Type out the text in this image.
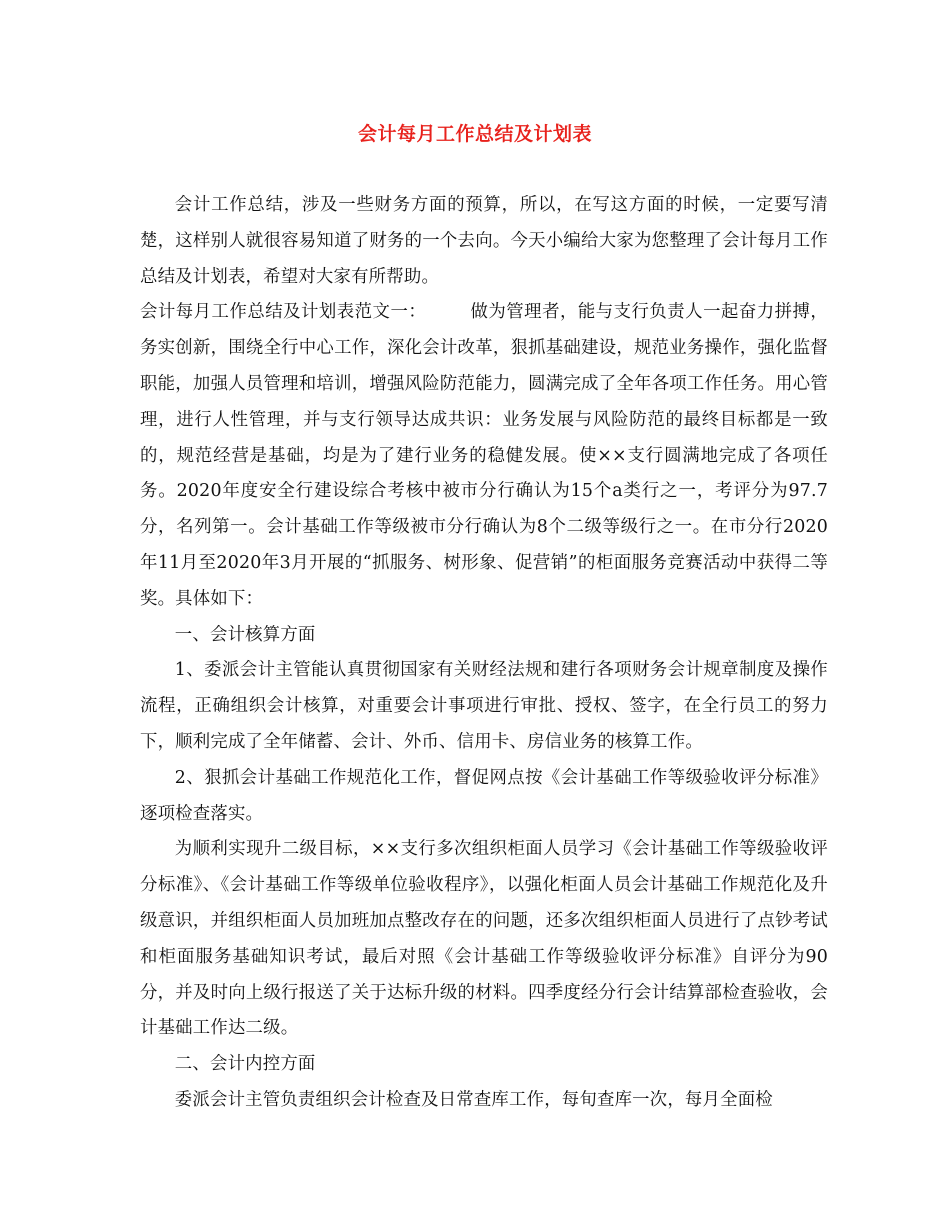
会计每月工作总结及计划表

会计工作总结，涉及一些财务方面的预算，所以，在写这方面的时候，一定要写清楚，这样别人就很容易知道了财务的一个去向。今天小编给大家为您整理了会计每月工作总结及计划表，希望对大家有所帮助。

会计每月工作总结及计划表范文一：	做为管理者，能与支行负责人一起奋力拼搏，务实创新，围绕全行中心工作，深化会计改革，狠抓基础建设，规范业务操作，强化监督职能，加强人员管理和培训，增强风险防范能力，圆满完成了全年各项工作任务。用心管理，进行人性管理，并与支行领导达成共识：业务发展与风险防范的最终目标都是一致的，规范经营是基础，均是为了建行业务的稳健发展。使××支行圆满地完成了各项任务。2020年度安全行建设综合考核中被市分行确认为15个a类行之一，考评分为97.7分，名列第一。会计基础工作等级被市分行确认为8个二级等级行之一。在市分行2020年11月至2020年3月开展的“抓服务、树形象、促营销”的柜面服务竞赛活动中获得二等奖。具体如下：

一、会计核算方面

1、委派会计主管能认真贯彻国家有关财经法规和建行各项财务会计规章制度及操作流程，正确组织会计核算，对重要会计事项进行审批、授权、签字，在全行员工的努力下，顺利完成了全年储蓄、会计、外币、信用卡、房信业务的核算工作。

2、狠抓会计基础工作规范化工作，督促网点按《会计基础工作等级验收评分标准》逐项检查落实。

为顺利实现升二级目标，××支行多次组织柜面人员学习《会计基础工作等级验收评分标准》、《会计基础工作等级单位验收程序》，以强化柜面人员会计基础工作规范化及升级意识，并组织柜面人员加班加点整改存在的问题，还多次组织柜面人员进行了点钞考试和柜面服务基础知识考试，最后对照《会计基础工作等级验收评分标准》自评分为90分，并及时向上级行报送了关于达标升级的材料。四季度经分行会计结算部检查验收，会计基础工作达二级。

二、会计内控方面

委派会计主管负责组织会计检查及日常查库工作，每旬查库一次，每月全面检
